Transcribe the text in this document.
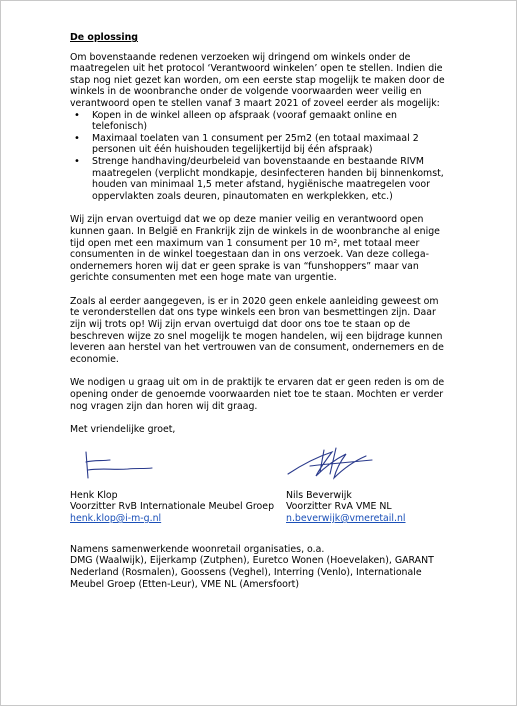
De oplossing

Om bovenstaande redenen verzoeken wij dringend om winkels onder de maatregelen uit het protocol ‘Verantwoord winkelen’ open te stellen. Indien die stap nog niet gezet kan worden, om een eerste stap mogelijk te maken door de winkels in de woonbranche onder de volgende voorwaarden weer veilig en verantwoord open te stellen vanaf 3 maart 2021 of zoveel eerder als mogelijk:

• Kopen in de winkel alleen op afspraak (vooraf gemaakt online en telefonisch)
• Maximaal toelaten van 1 consument per 25m2 (en totaal maximaal 2 personen uit één huishouden tegelijkertijd bij één afspraak)
• Strenge handhaving/deurbeleid van bovenstaande en bestaande RIVM maatregelen (verplicht mondkapje, desinfecteren handen bij binnenkomst, houden van minimaal 1,5 meter afstand, hygiënische maatregelen voor oppervlakten zoals deuren, pinautomaten en werkplekken, etc.)

Wij zijn ervan overtuigd dat we op deze manier veilig en verantwoord open kunnen gaan. In België en Frankrijk zijn de winkels in de woonbranche al enige tijd open met een maximum van 1 consument per 10 m², met totaal meer consumenten in de winkel toegestaan dan in ons verzoek. Van deze collega-ondernemers horen wij dat er geen sprake is van “funshoppers” maar van gerichte consumenten met een hoge mate van urgentie.

Zoals al eerder aangegeven, is er in 2020 geen enkele aanleiding geweest om te veronderstellen dat ons type winkels een bron van besmettingen zijn. Daar zijn wij trots op! Wij zijn ervan overtuigd dat door ons toe te staan op de beschreven wijze zo snel mogelijk te mogen handelen, wij een bijdrage kunnen leveren aan herstel van het vertrouwen van de consument, ondernemers en de economie.

We nodigen u graag uit om in de praktijk te ervaren dat er geen reden is om de opening onder de genoemde voorwaarden niet toe te staan. Mochten er verder nog vragen zijn dan horen wij dit graag.

Met vriendelijke groet,

Henk Klop
Voorzitter RvB Internationale Meubel Groep
henk.klop@i-m-g.nl
Nils Beverwijk
Voorzitter RvA VME NL
n.beverwijk@vmeretail.nl

Namens samenwerkende woonretail organisaties, o.a.

DMG (Waalwijk), Eijerkamp (Zutphen), Euretco Wonen (Hoevelaken), GARANT Nederland (Rosmalen), Goossens (Veghel), Interring (Venlo), Internationale Meubel Groep (Etten-Leur), VME NL (Amersfoort)
